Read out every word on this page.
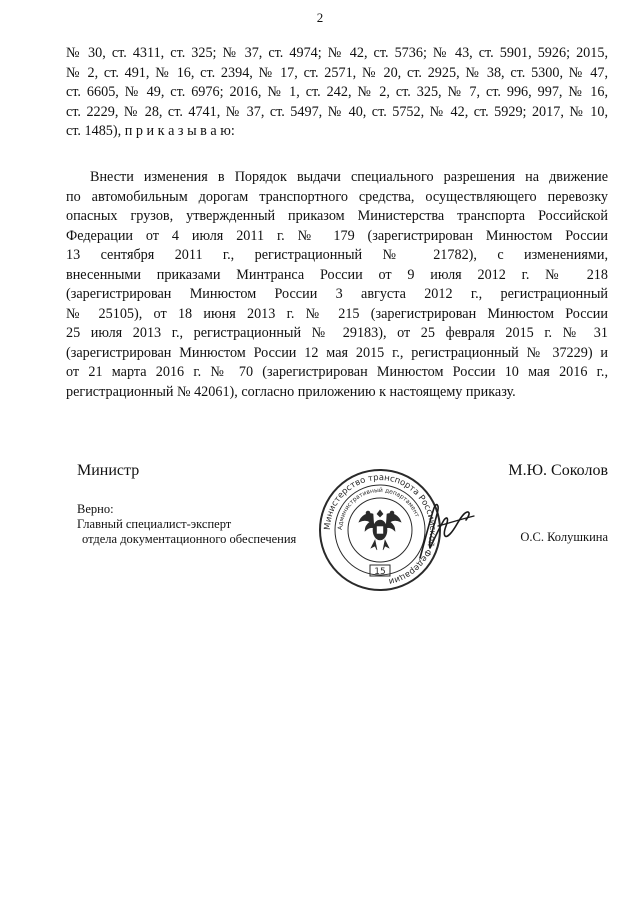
2
№ 30, ст. 4311, ст. 325; № 37, ст. 4974; № 42, ст. 5736; № 43, ст. 5901, 5926; 2015,
№ 2, ст. 491, № 16, ст. 2394, № 17, ст. 2571, № 20, ст. 2925, № 38, ст. 5300, № 47,
ст. 6605, № 49, ст. 6976; 2016, № 1, ст. 242, № 2, ст. 325, № 7, ст. 996, 997, № 16,
ст. 2229, № 28, ст. 4741, № 37, ст. 5497, № 40, ст. 5752, № 42, ст. 5929; 2017, № 10,
ст. 1485), п р и к а з ы в а ю:
Внести изменения в Порядок выдачи специального разрешения на движение
по автомобильным дорогам транспортного средства, осуществляющего перевозку
опасных грузов, утвержденный приказом Министерства транспорта Российской
Федерации от 4 июля 2011 г. № 179 (зарегистрирован Минюстом России
13 сентября 2011 г., регистрационный № 21782), с изменениями,
внесенными приказами Минтранса России от 9 июля 2012 г. № 218
(зарегистрирован Минюстом России 3 августа 2012 г., регистрационный
№ 25105), от 18 июня 2013 г. № 215 (зарегистрирован Минюстом России
25 июля 2013 г., регистрационный № 29183), от 25 февраля 2015 г. № 31
(зарегистрирован Минюстом России 12 мая 2015 г., регистрационный № 37229) и
от 21 марта 2016 г. № 70 (зарегистрирован Минюстом России 10 мая 2016 г.,
регистрационный № 42061), согласно приложению к настоящему приказу.
Министр	М.Ю. Соколов
Верно:
Главный специалист-эксперт
отдела документационного обеспечения	О.С. Колушкина
Министерство транспорта Российской Федерации
Административный департамент
15
